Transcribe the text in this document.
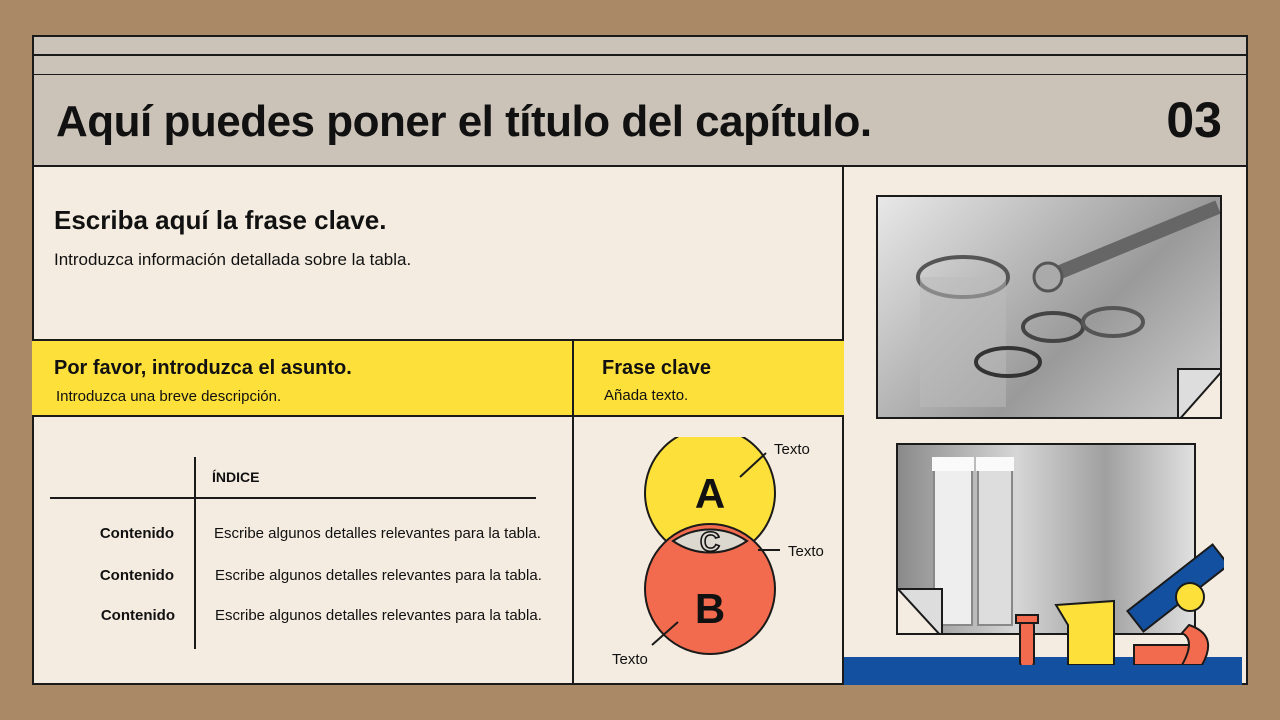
Aquí puedes poner el título del capítulo.	03
Escriba aquí la frase clave.
Introduzca información detallada sobre la tabla.
Por favor, introduzca el asunto.
Introduzca una breve descripción.
Frase clave
Añada texto.
ÍNDICE
Contenido	Escribe algunos detalles relevantes para la tabla.
Contenido	Escribe algunos detalles relevantes para la tabla.
Contenido	Escribe algunos detalles relevantes para la tabla.
A
B
C
Texto
Texto
Texto
